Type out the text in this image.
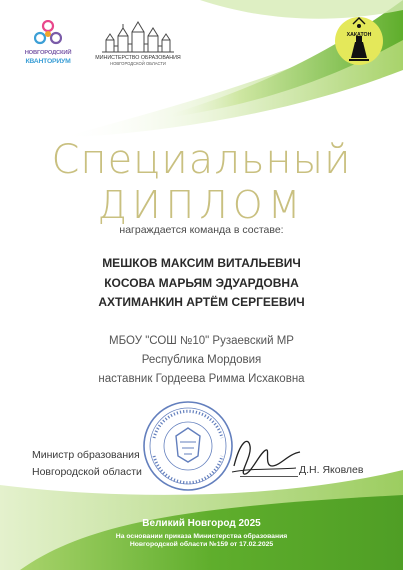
НОВГОРОДСКИЙ
КВАНТОРИУМ	МИНИСТЕРСТВО ОБРАЗОВАНИЯ
НОВГОРОДСКОЙ ОБЛАСТИ
ХАКАТОН
Специальный
ДИПЛОМ
награждается команда в составе:
МЕШКОВ МАКСИМ ВИТАЛЬЕВИЧ
КОСОВА МАРЬЯМ ЭДУАРДОВНА
АХТИМАНКИН АРТЁМ СЕРГЕЕВИЧ
МБОУ "СОШ №10" Рузаевский МР
Республика Мордовия
наставник Гордеева Римма Исхаковна
Министр образования
Новгородской области	Д.Н. Яковлев
Великий Новгород 2025
На основании приказа Министерства образования
Новгородской области №159 от 17.02.2025
